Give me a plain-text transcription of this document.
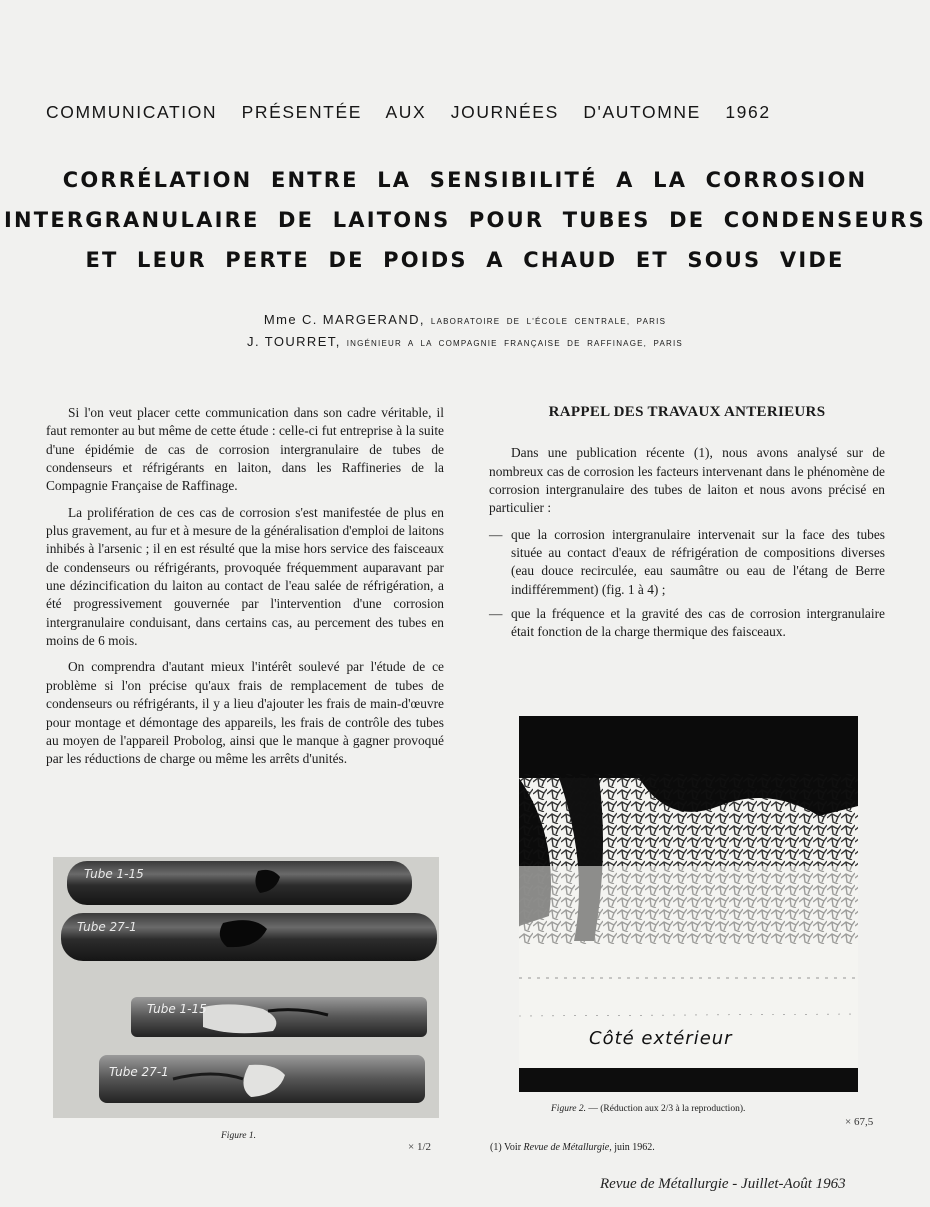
COMMUNICATION PRÉSENTÉE AUX JOURNÉES D'AUTOMNE 1962
CORRÉLATION ENTRE LA SENSIBILITÉ A LA CORROSION
INTERGRANULAIRE DE LAITONS POUR TUBES DE CONDENSEURS
ET LEUR PERTE DE POIDS A CHAUD ET SOUS VIDE
Mme C. MARGERAND, LABORATOIRE DE L'ÉCOLE CENTRALE, PARIS
J. TOURRET, INGÉNIEUR A LA COMPAGNIE FRANÇAISE DE RAFFINAGE, PARIS

Si l'on veut placer cette communication dans son cadre véritable, il faut remonter au but même de cette étude : celle-ci fut entreprise à la suite d'une épidémie de cas de corrosion intergranulaire de tubes de condenseurs et réfrigérants en laiton, dans les Raffineries de la Compagnie Française de Raffinage.

La prolifération de ces cas de corrosion s'est manifestée de plus en plus gravement, au fur et à mesure de la généralisation d'emploi de laitons inhibés à l'arsenic ; il en est résulté que la mise hors service des faisceaux de condenseurs ou réfrigérants, provoquée fréquemment auparavant par une dézincification du laiton au contact de l'eau salée de réfrigération, a été progressivement gouvernée par l'intervention d'une corrosion intergranulaire conduisant, dans certains cas, au percement des tubes en moins de 6 mois.

On comprendra d'autant mieux l'intérêt soulevé par l'étude de ce problème si l'on précise qu'aux frais de remplacement de tubes de condenseurs ou réfrigérants, il y a lieu d'ajouter les frais de main-d'œuvre pour montage et démontage des appareils, les frais de contrôle des tubes au moyen de l'appareil Probolog, ainsi que le manque à gagner provoqué par les réductions de charge ou même les arrêts d'unités.

RAPPEL DES TRAVAUX ANTERIEURS
Dans une publication récente (1), nous avons analysé sur de nombreux cas de corrosion les facteurs intervenant dans le phénomène de corrosion intergranulaire des tubes de laiton et nous avons précisé en particulier :
— que la corrosion intergranulaire intervenait sur la face des tubes située au contact d'eaux de réfrigération de compositions diverses (eau douce recirculée, eau saumâtre ou eau de l'étang de Berre indifféremment) (fig. 1 à 4) ;
— que la fréquence et la gravité des cas de corrosion intergranulaire était fonction de la charge thermique des faisceaux.
Tube 1-15
Tube 27-1
Tube 1-15
Tube 27-1
Figure 1.
× 1/2
Côté extérieur
Figure 2. — (Réduction aux 2/3 à la reproduction).
× 67,5
(1) Voir Revue de Métallurgie, juin 1962.
Revue de Métallurgie - Juillet-Août 1963
